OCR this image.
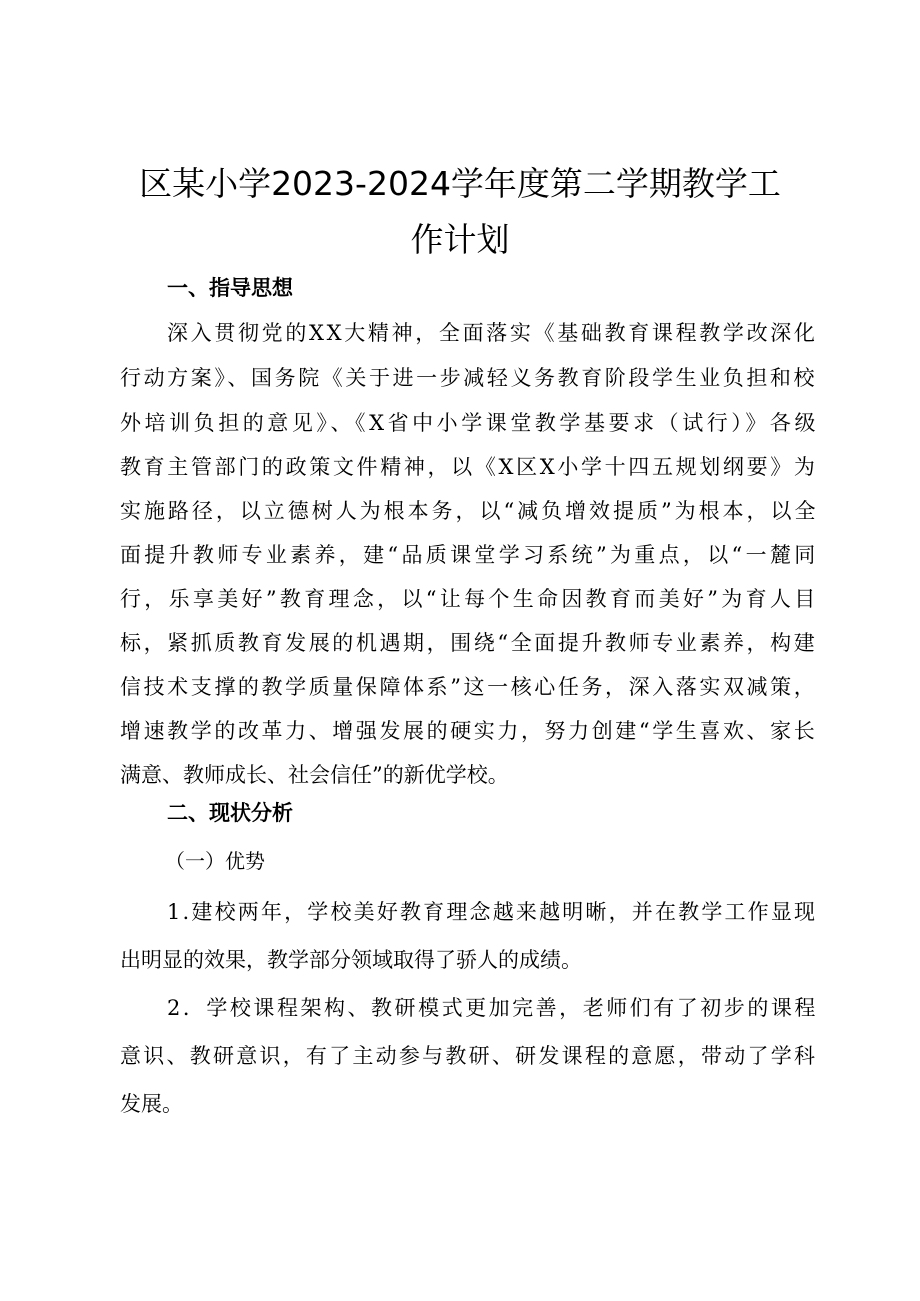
区某小学2023-2024学年度第二学期教学工
作计划
一、指导思想
深入贯彻党的XX大精神，全面落实《基础教育课程教学改深化
行动方案》、国务院《关于进一步减轻义务教育阶段学生业负担和校
外培训负担的意见》、《X省中小学课堂教学基要求（试行）》各级
教育主管部门的政策文件精神，以《X区X小学十四五规划纲要》为
实施路径，以立德树人为根本务，以“减负增效提质”为根本，以全
面提升教师专业素养，建“品质课堂学习系统”为重点，以“一麓同
行，乐享美好”教育理念，以“让每个生命因教育而美好”为育人目
标，紧抓质教育发展的机遇期，围绕“全面提升教师专业素养，构建
信技术支撑的教学质量保障体系”这一核心任务，深入落实双减策，
增速教学的改革力、增强发展的硬实力，努力创建“学生喜欢、家长
满意、教师成长、社会信任”的新优学校。
二、现状分析
（一）优势
1.建校两年，学校美好教育理念越来越明晰，并在教学工作显现
出明显的效果，教学部分领域取得了骄人的成绩。
2．学校课程架构、教研模式更加完善，老师们有了初步的课程
意识、教研意识，有了主动参与教研、研发课程的意愿，带动了学科
发展。
